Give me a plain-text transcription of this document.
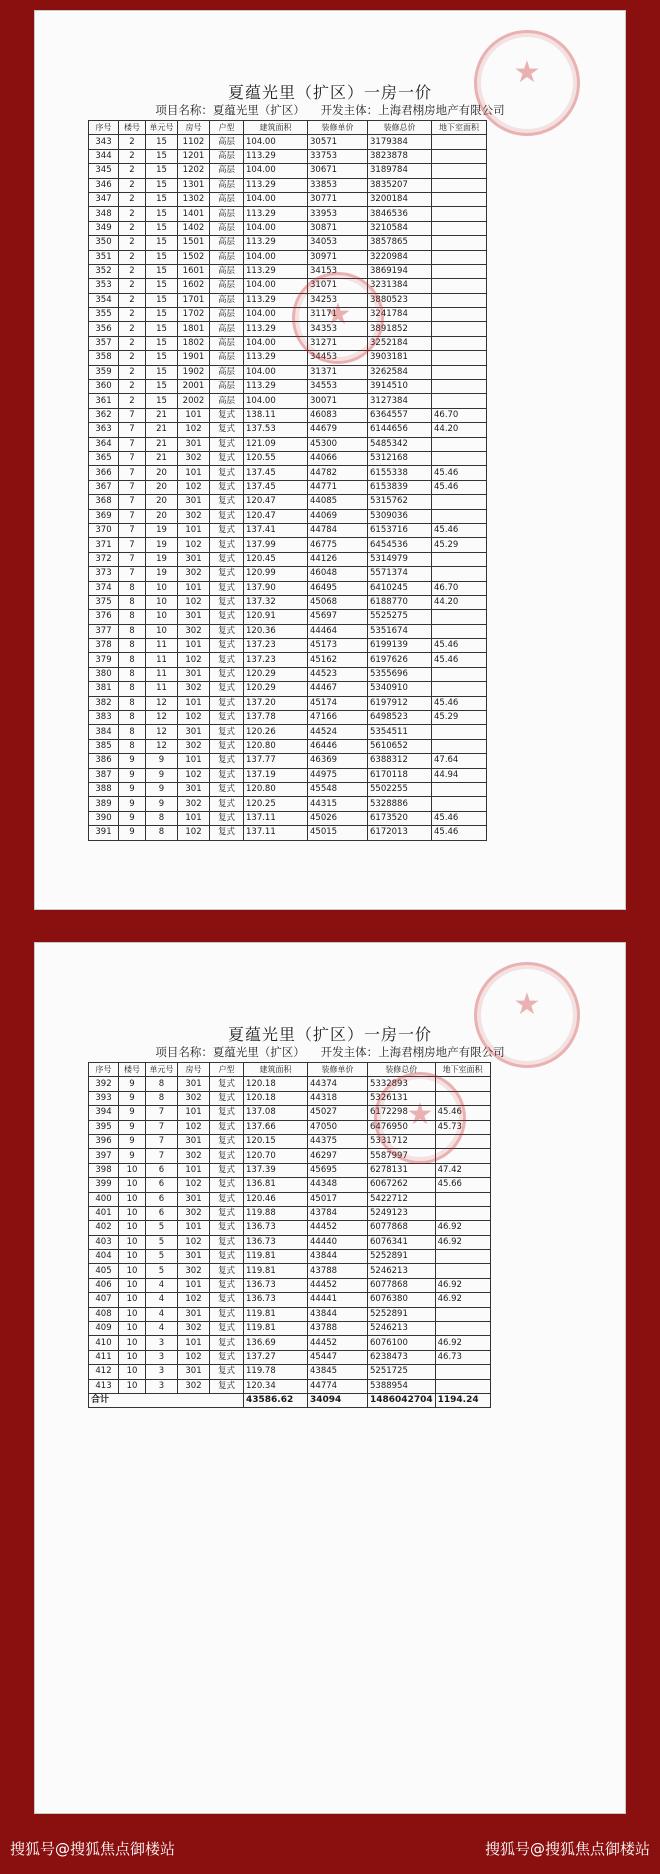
夏蕴光里（扩区）一房一价
项目名称：夏蕴光里（扩区） 开发主体：上海君栩房地产有限公司
序号	楼号	单元号	房号	户型	建筑面积	装修单价	装修总价	地下室面积
343	2	15	1102	高层	104.00	30571	3179384	
344	2	15	1201	高层	113.29	33753	3823878	
345	2	15	1202	高层	104.00	30671	3189784	
346	2	15	1301	高层	113.29	33853	3835207	
347	2	15	1302	高层	104.00	30771	3200184	
348	2	15	1401	高层	113.29	33953	3846536	
349	2	15	1402	高层	104.00	30871	3210584	
350	2	15	1501	高层	113.29	34053	3857865	
351	2	15	1502	高层	104.00	30971	3220984	
352	2	15	1601	高层	113.29	34153	3869194	
353	2	15	1602	高层	104.00	31071	3231384	
354	2	15	1701	高层	113.29	34253	3880523	
355	2	15	1702	高层	104.00	31171	3241784	
356	2	15	1801	高层	113.29	34353	3891852	
357	2	15	1802	高层	104.00	31271	3252184	
358	2	15	1901	高层	113.29	34453	3903181	
359	2	15	1902	高层	104.00	31371	3262584	
360	2	15	2001	高层	113.29	34553	3914510	
361	2	15	2002	高层	104.00	30071	3127384	
362	7	21	101	复式	138.11	46083	6364557	46.70
363	7	21	102	复式	137.53	44679	6144656	44.20
364	7	21	301	复式	121.09	45300	5485342	
365	7	21	302	复式	120.55	44066	5312168	
366	7	20	101	复式	137.45	44782	6155338	45.46
367	7	20	102	复式	137.45	44771	6153839	45.46
368	7	20	301	复式	120.47	44085	5315762	
369	7	20	302	复式	120.47	44069	5309036	
370	7	19	101	复式	137.41	44784	6153716	45.46
371	7	19	102	复式	137.99	46775	6454536	45.29
372	7	19	301	复式	120.45	44126	5314979	
373	7	19	302	复式	120.99	46048	5571374	
374	8	10	101	复式	137.90	46495	6410245	46.70
375	8	10	102	复式	137.32	45068	6188770	44.20
376	8	10	301	复式	120.91	45697	5525275	
377	8	10	302	复式	120.36	44464	5351674	
378	8	11	101	复式	137.23	45173	6199139	45.46
379	8	11	102	复式	137.23	45162	6197626	45.46
380	8	11	301	复式	120.29	44523	5355696	
381	8	11	302	复式	120.29	44467	5340910	
382	8	12	101	复式	137.20	45174	6197912	45.46
383	8	12	102	复式	137.78	47166	6498523	45.29
384	8	12	301	复式	120.26	44524	5354511	
385	8	12	302	复式	120.80	46446	5610652	
386	9	9	101	复式	137.77	46369	6388312	47.64
387	9	9	102	复式	137.19	44975	6170118	44.94
388	9	9	301	复式	120.80	45548	5502255	
389	9	9	302	复式	120.25	44315	5328886	
390	9	8	101	复式	137.11	45026	6173520	45.46
391	9	8	102	复式	137.11	45015	6172013	45.46
★
★
夏蕴光里（扩区）一房一价
项目名称：夏蕴光里（扩区） 开发主体：上海君栩房地产有限公司
序号	楼号	单元号	房号	户型	建筑面积	装修单价	装修总价	地下室面积
392	9	8	301	复式	120.18	44374	5332893	
393	9	8	302	复式	120.18	44318	5326131	
394	9	7	101	复式	137.08	45027	6172298	45.46
395	9	7	102	复式	137.66	47050	6476950	45.73
396	9	7	301	复式	120.15	44375	5331712	
397	9	7	302	复式	120.70	46297	5587997	
398	10	6	101	复式	137.39	45695	6278131	47.42
399	10	6	102	复式	136.81	44348	6067262	45.66
400	10	6	301	复式	120.46	45017	5422712	
401	10	6	302	复式	119.88	43784	5249123	
402	10	5	101	复式	136.73	44452	6077868	46.92
403	10	5	102	复式	136.73	44440	6076341	46.92
404	10	5	301	复式	119.81	43844	5252891	
405	10	5	302	复式	119.81	43788	5246213	
406	10	4	101	复式	136.73	44452	6077868	46.92
407	10	4	102	复式	136.73	44441	6076380	46.92
408	10	4	301	复式	119.81	43844	5252891	
409	10	4	302	复式	119.81	43788	5246213	
410	10	3	101	复式	136.69	44452	6076100	46.92
411	10	3	102	复式	137.27	45447	6238473	46.73
412	10	3	301	复式	119.78	43845	5251725	
413	10	3	302	复式	120.34	44774	5388954	
合计					43586.62	34094	1486042704	1194.24
★
★
搜狐号@搜狐焦点御楼站	搜狐号@搜狐焦点御楼站
